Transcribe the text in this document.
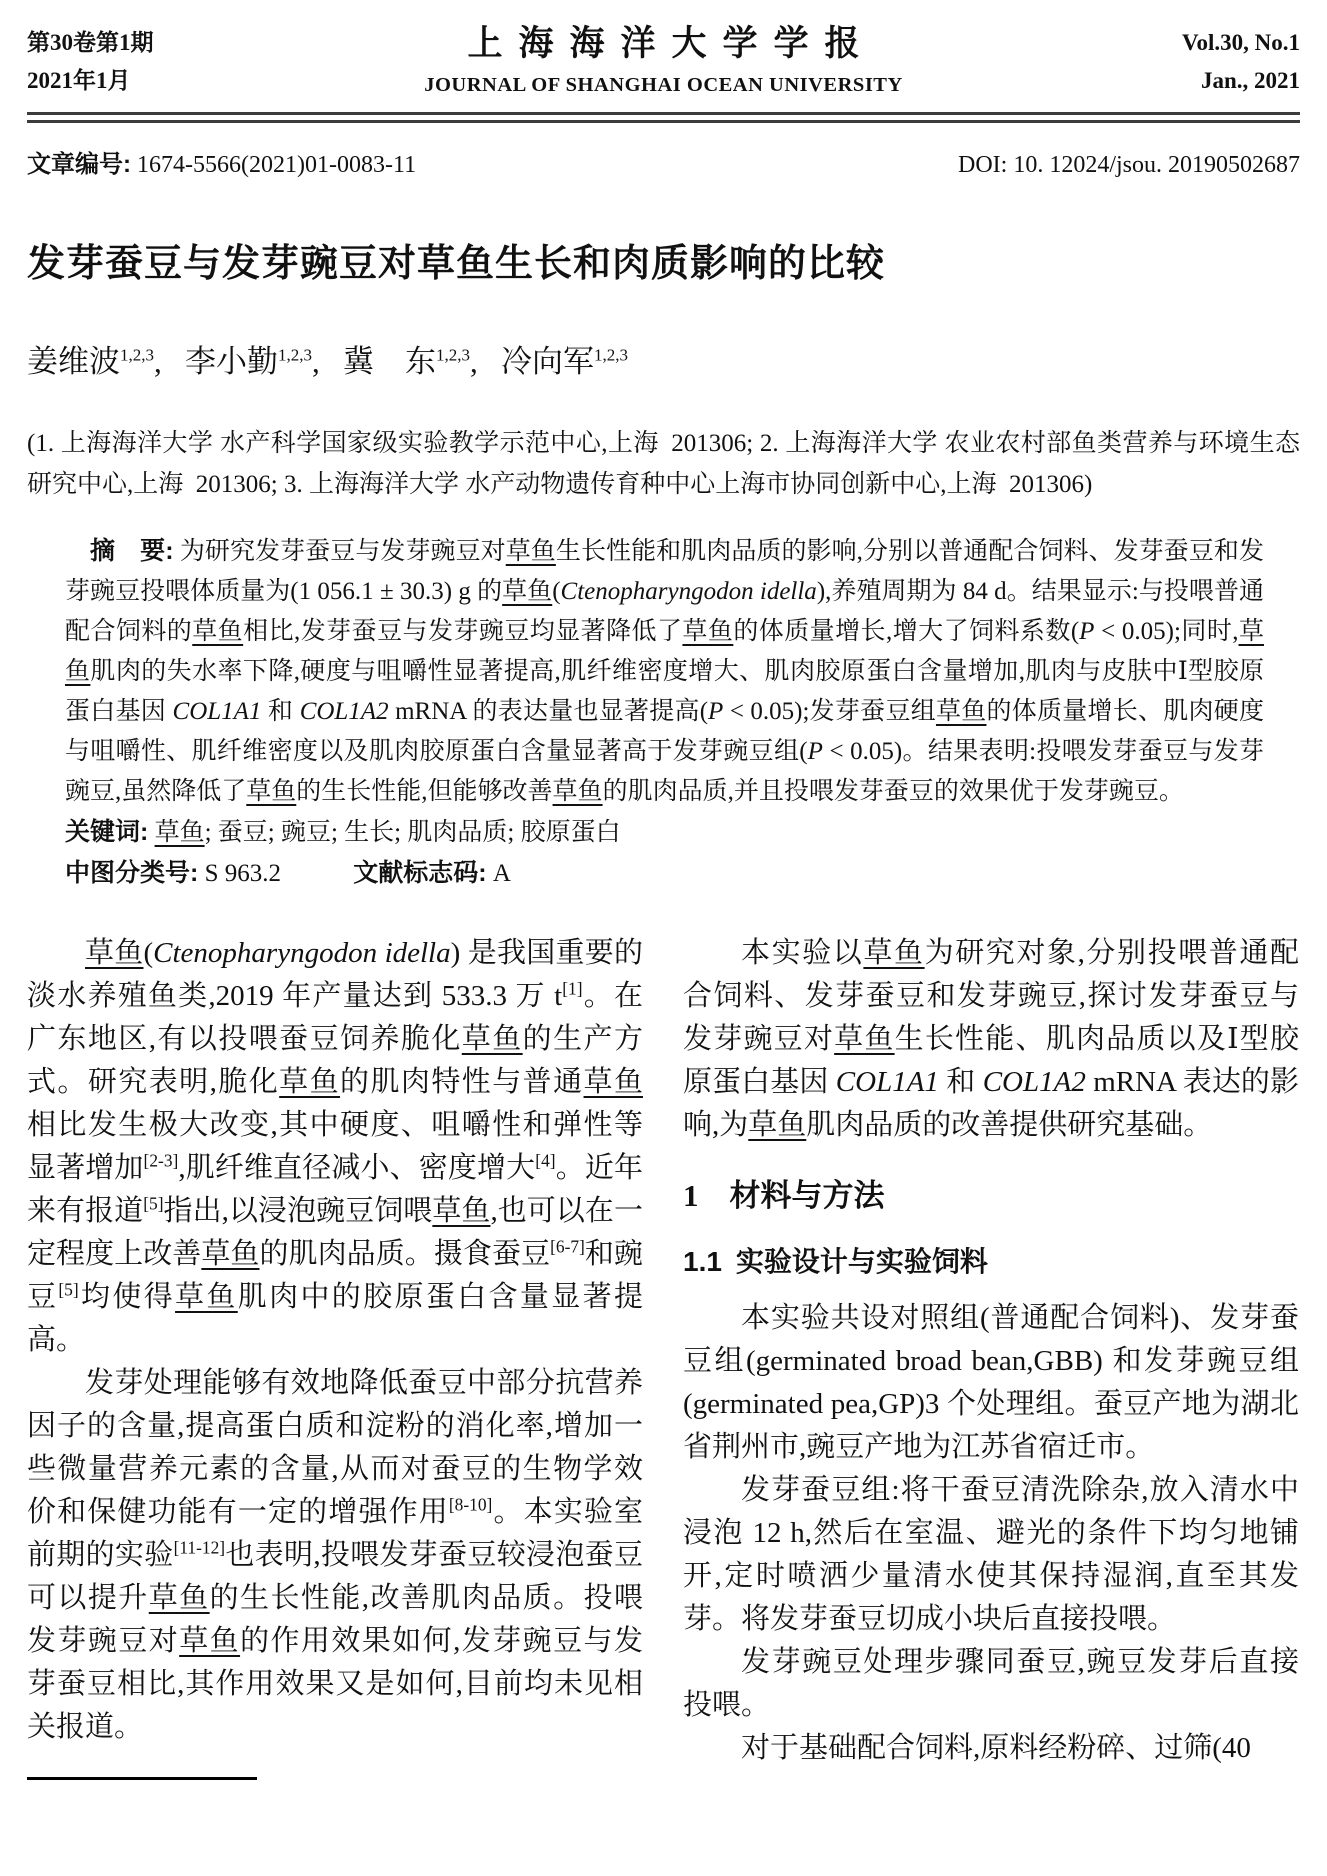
第30卷第1期
2021年1月
上海海洋大学学报
JOURNAL OF SHANGHAI OCEAN UNIVERSITY
Vol.30, No.1
Jan., 2021
文章编号: 1674-5566(2021)01-0083-11	DOI: 10. 12024/jsou. 20190502687
发芽蚕豆与发芽豌豆对草鱼生长和肉质影响的比较
姜维波$^{1,2,3}$,  李小勤$^{1,2,3}$,  冀　东$^{1,2,3}$,  冷向军$^{1,2,3}$
(1. 上海海洋大学 水产科学国家级实验教学示范中心,上海 201306; 2. 上海海洋大学 农业农村部鱼类营养与环境生态研究中心,上海 201306; 3. 上海海洋大学 水产动物遗传育种中心上海市协同创新中心,上海 201306)

摘　要: 为研究发芽蚕豆与发芽豌豆对草鱼生长性能和肌肉品质的影响,分别以普通配合饲料、发芽蚕豆和发芽豌豆投喂体质量为(1 056.1 ± 30.3) g 的草鱼(Ctenopharyngodon idella),养殖周期为 84 d。结果显示:与投喂普通配合饲料的草鱼相比,发芽蚕豆与发芽豌豆均显著降低了草鱼的体质量增长,增大了饲料系数(P < 0.05);同时,草鱼肌肉的失水率下降,硬度与咀嚼性显著提高,肌纤维密度增大、肌肉胶原蛋白含量增加,肌肉与皮肤中Ⅰ型胶原蛋白基因 COL1A1 和 COL1A2 mRNA 的表达量也显著提高(P < 0.05);发芽蚕豆组草鱼的体质量增长、肌肉硬度与咀嚼性、肌纤维密度以及肌肉胶原蛋白含量显著高于发芽豌豆组(P < 0.05)。结果表明:投喂发芽蚕豆与发芽豌豆,虽然降低了草鱼的生长性能,但能够改善草鱼的肌肉品质,并且投喂发芽蚕豆的效果优于发芽豌豆。

关键词: 草鱼; 蚕豆; 豌豆; 生长; 肌肉品质; 胶原蛋白

中图分类号: S 963.2	文献标志码: A

草鱼(Ctenopharyngodon idella) 是我国重要的淡水养殖鱼类,2019 年产量达到 533.3 万 t[1]。在广东地区,有以投喂蚕豆饲养脆化草鱼的生产方式。研究表明,脆化草鱼的肌肉特性与普通草鱼相比发生极大改变,其中硬度、咀嚼性和弹性等显著增加[2-3],肌纤维直径减小、密度增大[4]。近年来有报道[5]指出,以浸泡豌豆饲喂草鱼,也可以在一定程度上改善草鱼的肌肉品质。摄食蚕豆[6-7]和豌豆[5]均使得草鱼肌肉中的胶原蛋白含量显著提高。

发芽处理能够有效地降低蚕豆中部分抗营养因子的含量,提高蛋白质和淀粉的消化率,增加一些微量营养元素的含量,从而对蚕豆的生物学效价和保健功能有一定的增强作用[8-10]。本实验室前期的实验[11-12]也表明,投喂发芽蚕豆较浸泡蚕豆可以提升草鱼的生长性能,改善肌肉品质。投喂发芽豌豆对草鱼的作用效果如何,发芽豌豆与发芽蚕豆相比,其作用效果又是如何,目前均未见相关报道。

本实验以草鱼为研究对象,分别投喂普通配合饲料、发芽蚕豆和发芽豌豆,探讨发芽蚕豆与发芽豌豆对草鱼生长性能、肌肉品质以及Ⅰ型胶原蛋白基因 COL1A1 和 COL1A2 mRNA 表达的影响,为草鱼肌肉品质的改善提供研究基础。

1　材料与方法
1.1 实验设计与实验饲料

本实验共设对照组(普通配合饲料)、发芽蚕豆组(germinated broad bean,GBB) 和发芽豌豆组(germinated pea,GP)3 个处理组。蚕豆产地为湖北省荆州市,豌豆产地为江苏省宿迁市。

发芽蚕豆组:将干蚕豆清洗除杂,放入清水中浸泡 12 h,然后在室温、避光的条件下均匀地铺开,定时喷洒少量清水使其保持湿润,直至其发芽。将发芽蚕豆切成小块后直接投喂。

发芽豌豆处理步骤同蚕豆,豌豆发芽后直接投喂。

对于基础配合饲料,原料经粉碎、过筛(40
